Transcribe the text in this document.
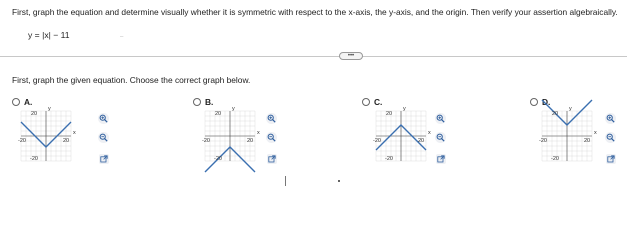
First, graph the equation and determine visually whether it is symmetric with respect to the x-axis, the y-axis, and the origin. Then verify your assertion algebraically.
y = |x| − 11	–
•••
First, graph the given equation. Choose the correct graph below.
A.
y
x
20
-20
-20	20
B.
y
x
20
-20
-20	20
C.
y
x
20
-20
-20	20
D.
y
x
20
-20
-20	20
